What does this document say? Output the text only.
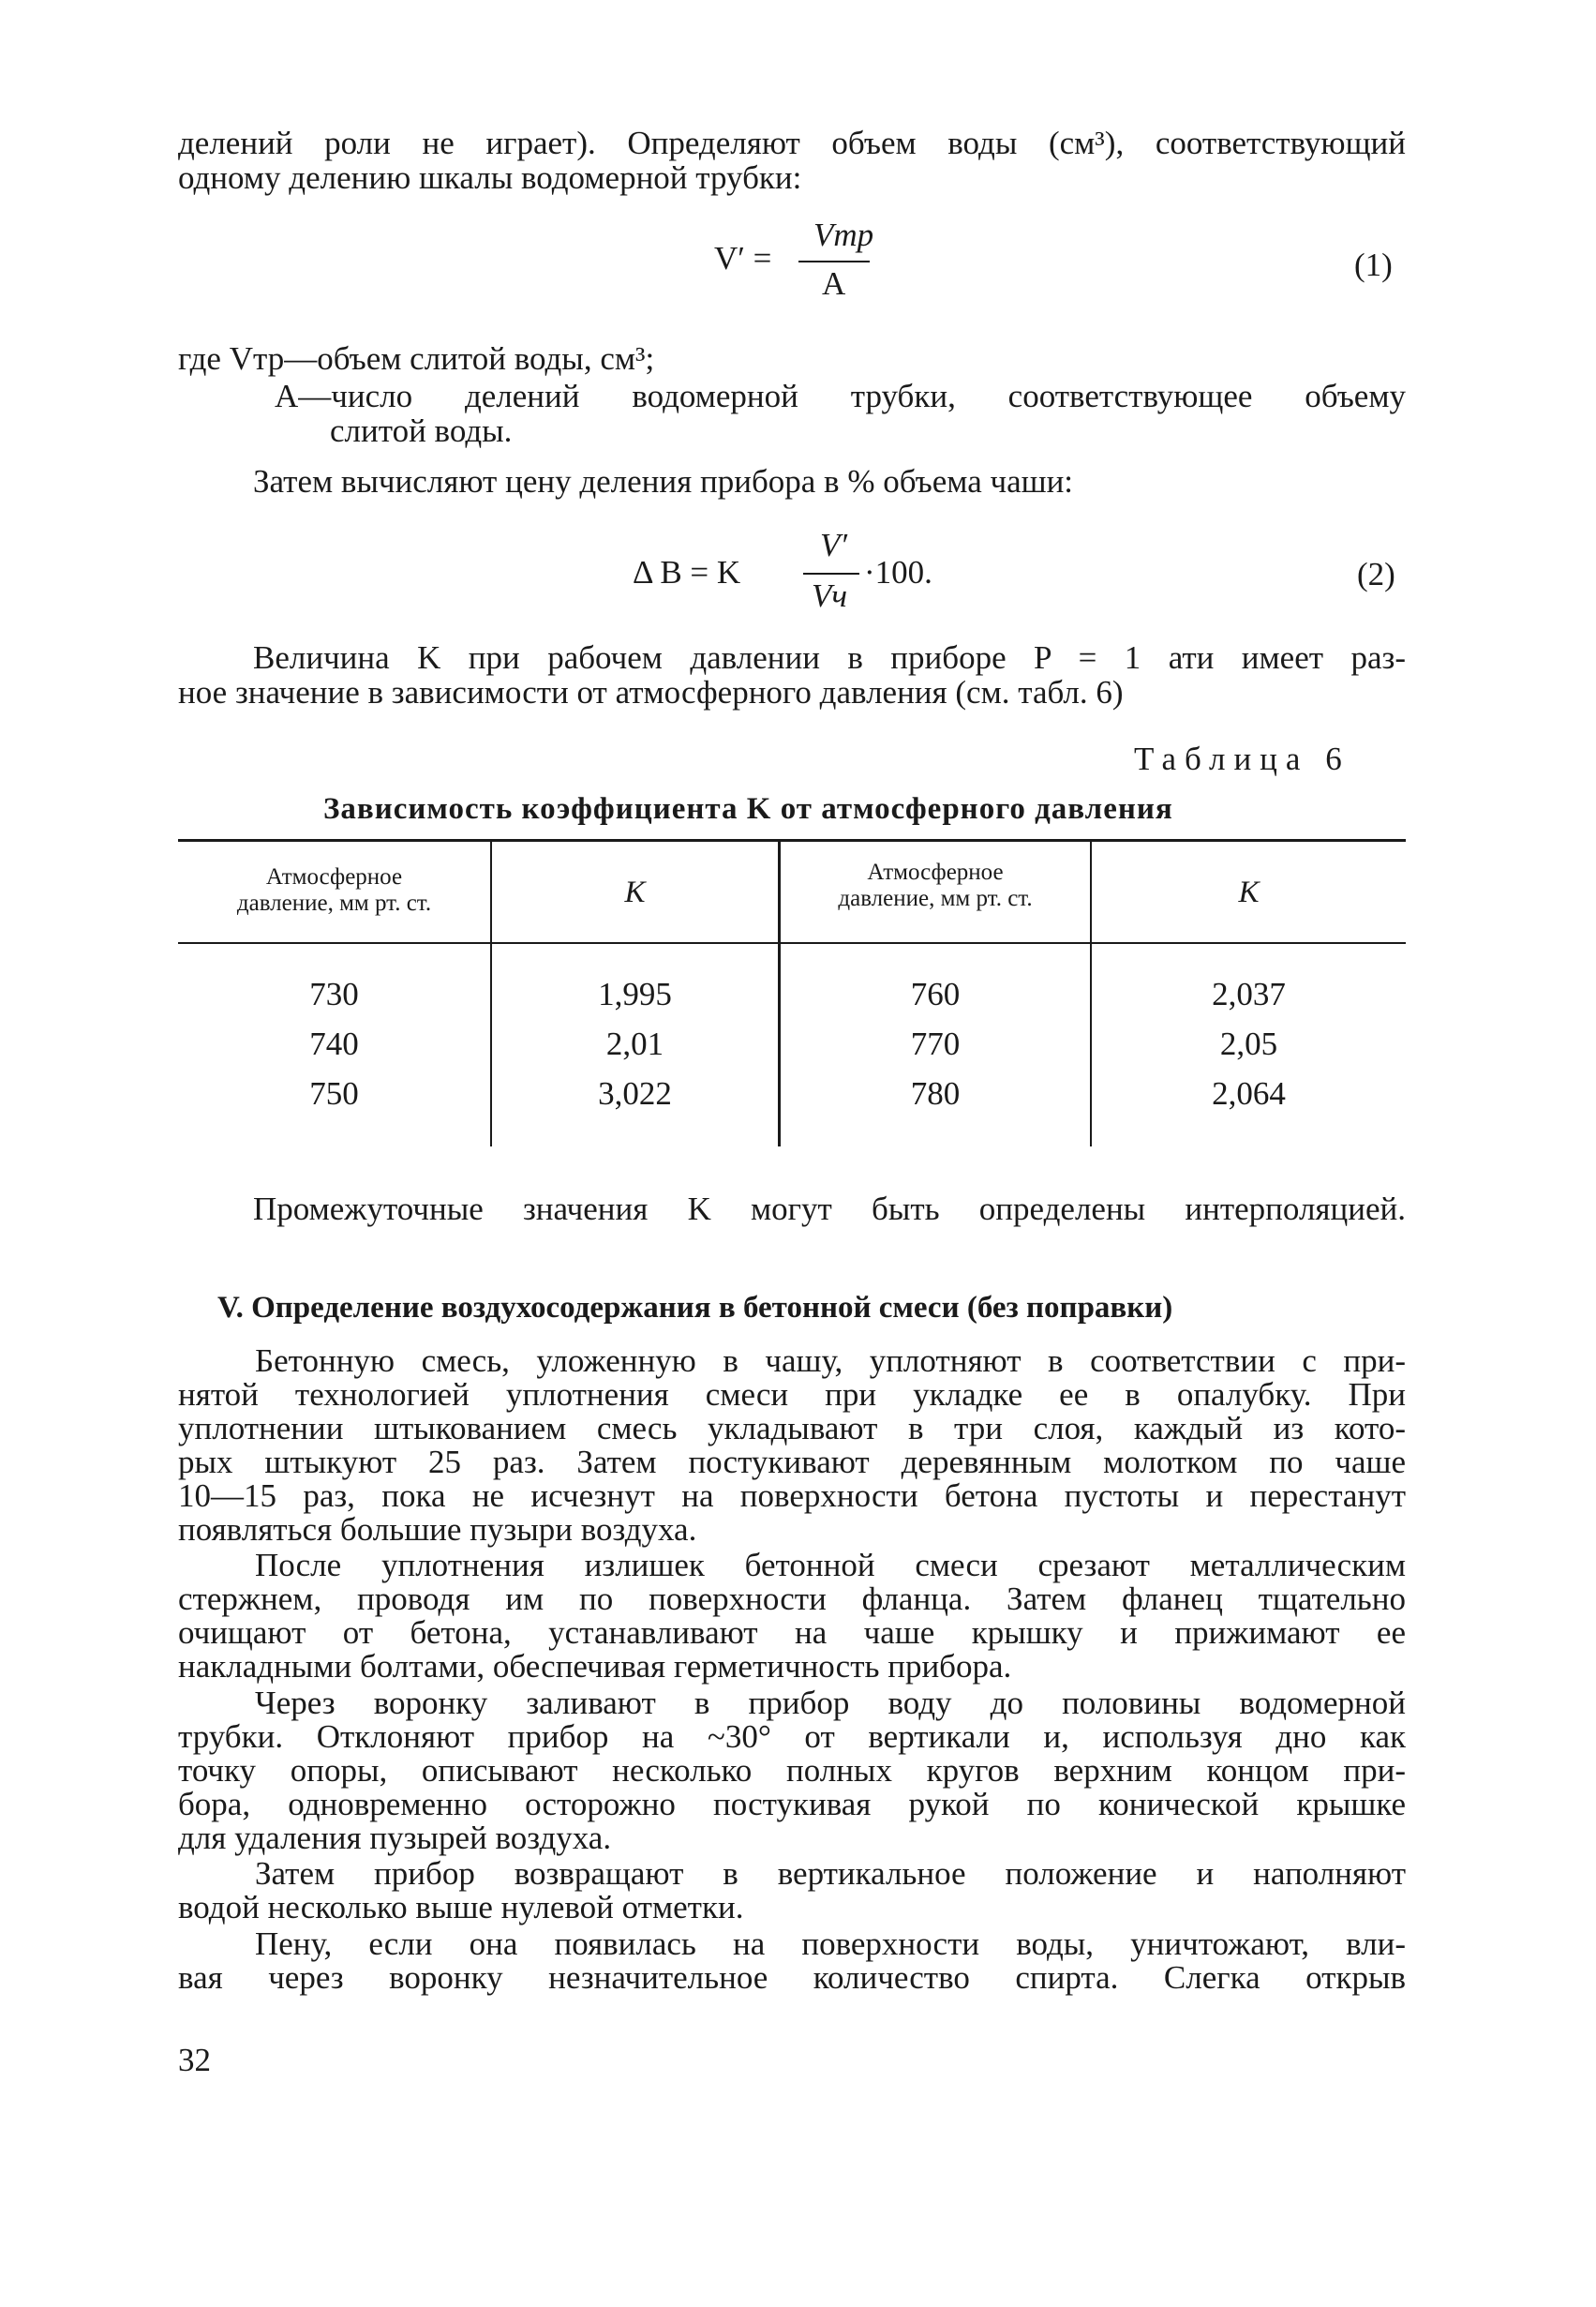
делений роли не играет). Определяют объем воды (см³), соответствующий
одному делению шкалы водомерной трубки:
V′ =
Vтр
A
(1)
где Vтр—объем слитой воды, см³;
A—число делений водомерной трубки, соответствующее объему
слитой воды.
Затем вычисляют цену деления прибора в % объема чаши:
Δ B = K
V′
Vч
·100.	(2)
Величина K при рабочем давлении в приборе P = 1 ати имеет раз-
ное значение в зависимости от атмосферного давления (см. табл. 6)
Таблица 6
Зависимость коэффициента K от атмосферного давления
Атмосферное
давление, мм рт. ст.	K
Атмосферное
давление, мм рт. ст.	K
730	1,995	760	2,037
740	2,01	770	2,05
750	3,022	780	2,064
Промежуточные значения K могут быть определены интерполяцией.
V. Определение воздухосодержания в бетонной смеси (без поправки)
Бетонную смесь, уложенную в чашу, уплотняют в соответствии с при-
нятой технологией уплотнения смеси при укладке ее в опалубку. При
уплотнении штыкованием смесь укладывают в три слоя, каждый из кото-
рых штыкуют 25 раз. Затем постукивают деревянным молотком по чаше
10—15 раз, пока не исчезнут на поверхности бетона пустоты и перестанут
появляться большие пузыри воздуха.
После уплотнения излишек бетонной смеси срезают металлическим
стержнем, проводя им по поверхности фланца. Затем фланец тщательно
очищают от бетона, устанавливают на чаше крышку и прижимают ее
накладными болтами, обеспечивая герметичность прибора.
Через воронку заливают в прибор воду до половины водомерной
трубки. Отклоняют прибор на ~30° от вертикали и, используя дно как
точку опоры, описывают несколько полных кругов верхним концом при-
бора, одновременно осторожно постукивая рукой по конической крышке
для удаления пузырей воздуха.
Затем прибор возвращают в вертикальное положение и наполняют
водой несколько выше нулевой отметки.
Пену, если она появилась на поверхности воды, уничтожают, вли-
вая через воронку незначительное количество спирта. Слегка открыв
32
